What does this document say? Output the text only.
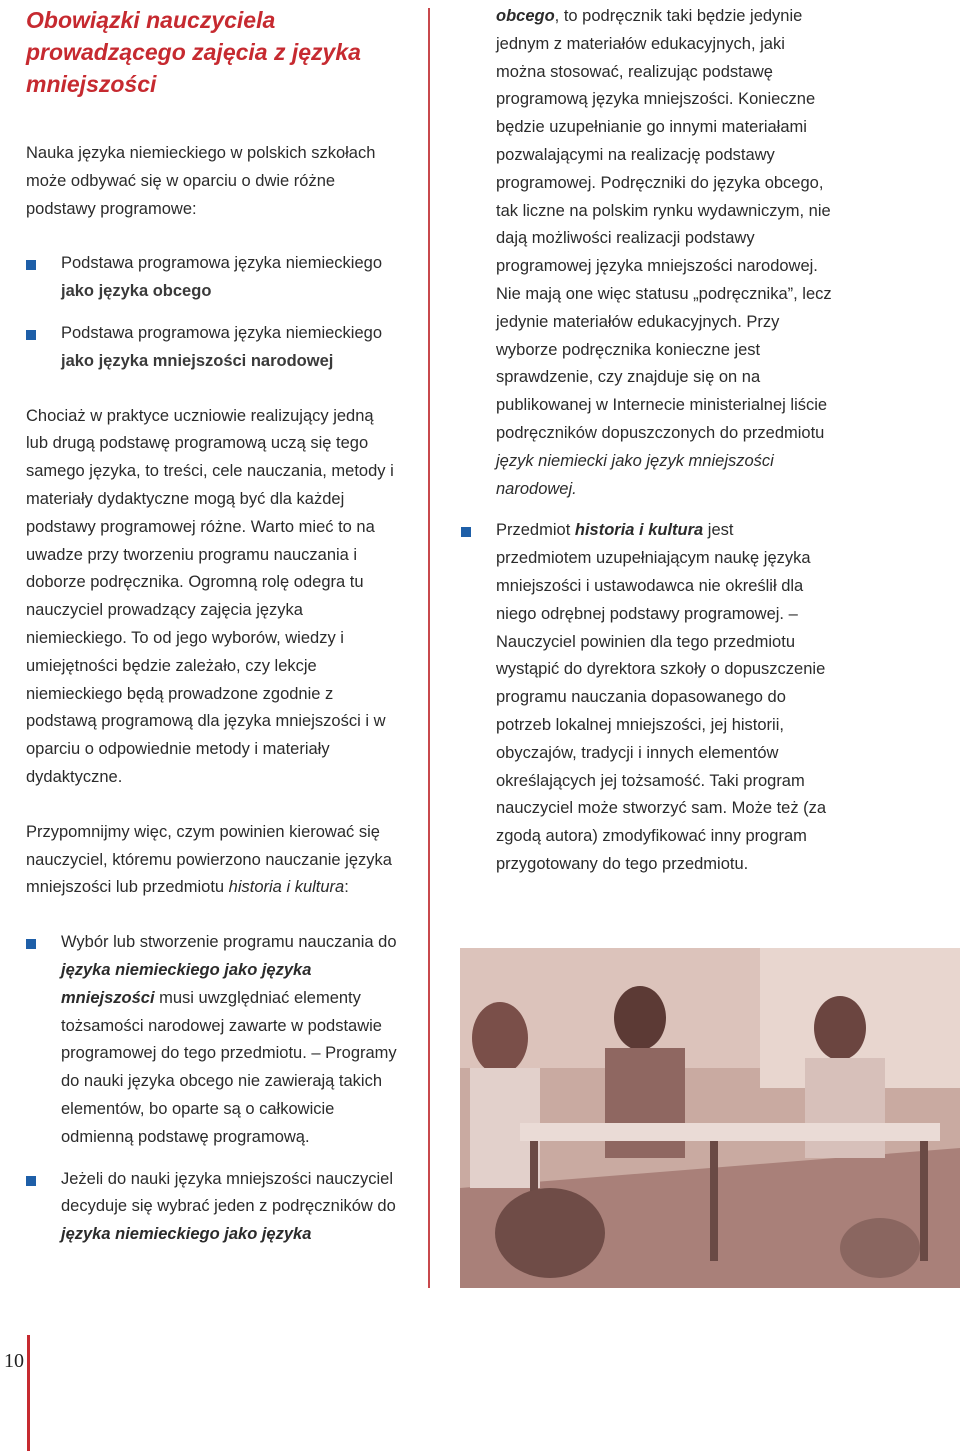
Obowiązki nauczyciela prowadzącego zajęcia z języka mniejszości

Nauka języka niemieckiego w polskich szkołach może odbywać się w oparciu o dwie różne podstawy programowe:

Podstawa programowa języka niemieckiego
jako języka obcego

Podstawa programowa języka niemieckiego
jako języka mniejszości narodowej

Chociaż w praktyce uczniowie realizujący jedną lub drugą podstawę programową uczą się tego samego języka, to treści, cele nauczania, metody i materiały dydaktyczne mogą być dla każdej podstawy programowej różne. Warto mieć to na uwadze przy tworzeniu programu nauczania i doborze podręcznika. Ogromną rolę odegra tu nauczyciel prowadzący zajęcia języka niemieckiego. To od jego wyborów, wiedzy i umiejętności będzie zależało, czy lekcje niemieckiego będą prowadzone zgodnie z podstawą programową dla języka mniejszości i w oparciu o odpowiednie metody i materiały dydaktyczne.

Przypomnijmy więc, czym powinien kierować się nauczyciel, któremu powierzono nauczanie języka mniejszości lub przedmiotu historia i kultura:

Wybór lub stworzenie programu nauczania do języka niemieckiego jako języka mniejszości musi uwzględniać elementy tożsamości narodowej zawarte w podstawie programowej do tego przedmiotu. – Programy do nauki języka obcego nie zawierają takich elementów, bo oparte są o całkowicie odmienną podstawę programową.

Jeżeli do nauki języka mniejszości nauczyciel decyduje się wybrać jeden z podręczników do języka niemieckiego jako języka

obcego, to podręcznik taki będzie jedynie jednym z materiałów edukacyjnych, jaki można stosować, realizując podstawę programową języka mniejszości. Konieczne będzie uzupełnianie go innymi materiałami pozwalającymi na realizację podstawy programowej. Podręczniki do języka obcego, tak liczne na polskim rynku wydawniczym, nie dają możliwości realizacji podstawy programowej języka mniejszości narodowej. Nie mają one więc statusu „podręcznika”, lecz jedynie materiałów edukacyjnych. Przy wyborze podręcznika konieczne jest sprawdzenie, czy znajduje się on na publikowanej w Internecie ministerialnej liście podręczników dopuszczonych do przedmiotu język niemiecki jako język mniejszości narodowej.

Przedmiot historia i kultura jest przedmiotem uzupełniającym naukę języka mniejszości i ustawodawca nie określił dla niego odrębnej podstawy programowej. – Nauczyciel powinien dla tego przedmiotu wystąpić do dyrektora szkoły o dopuszczenie programu nauczania dopasowanego do potrzeb lokalnej mniejszości, jej historii, obyczajów, tradycji i innych elementów określających jej tożsamość. Taki program nauczyciel może stworzyć sam. Może też (za zgodą autora) zmodyfikować inny program przygotowany do tego przedmiotu.

10
